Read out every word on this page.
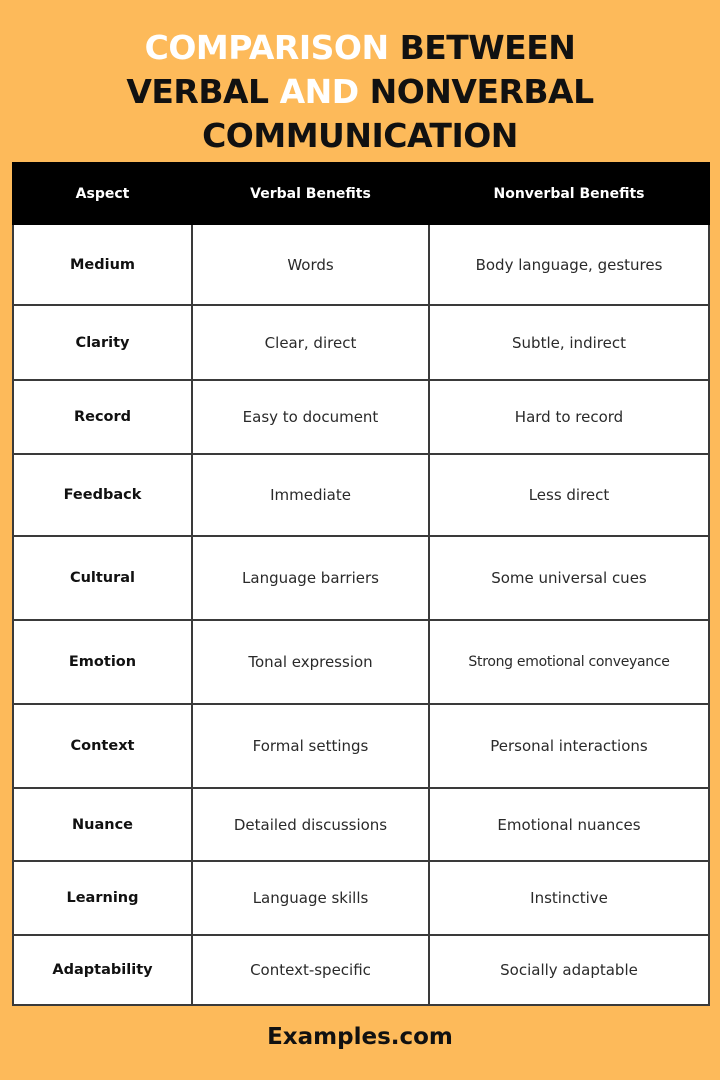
COMPARISON BETWEEN
VERBAL AND NONVERBAL
COMMUNICATION
Aspect	Verbal Benefits	Nonverbal Benefits
Medium	Words	Body language, gestures
Clarity	Clear, direct	Subtle, indirect
Record	Easy to document	Hard to record
Feedback	Immediate	Less direct
Cultural	Language barriers	Some universal cues
Emotion	Tonal expression	Strong emotional conveyance
Context	Formal settings	Personal interactions
Nuance	Detailed discussions	Emotional nuances
Learning	Language skills	Instinctive
Adaptability	Context-specific	Socially adaptable
Examples.com
